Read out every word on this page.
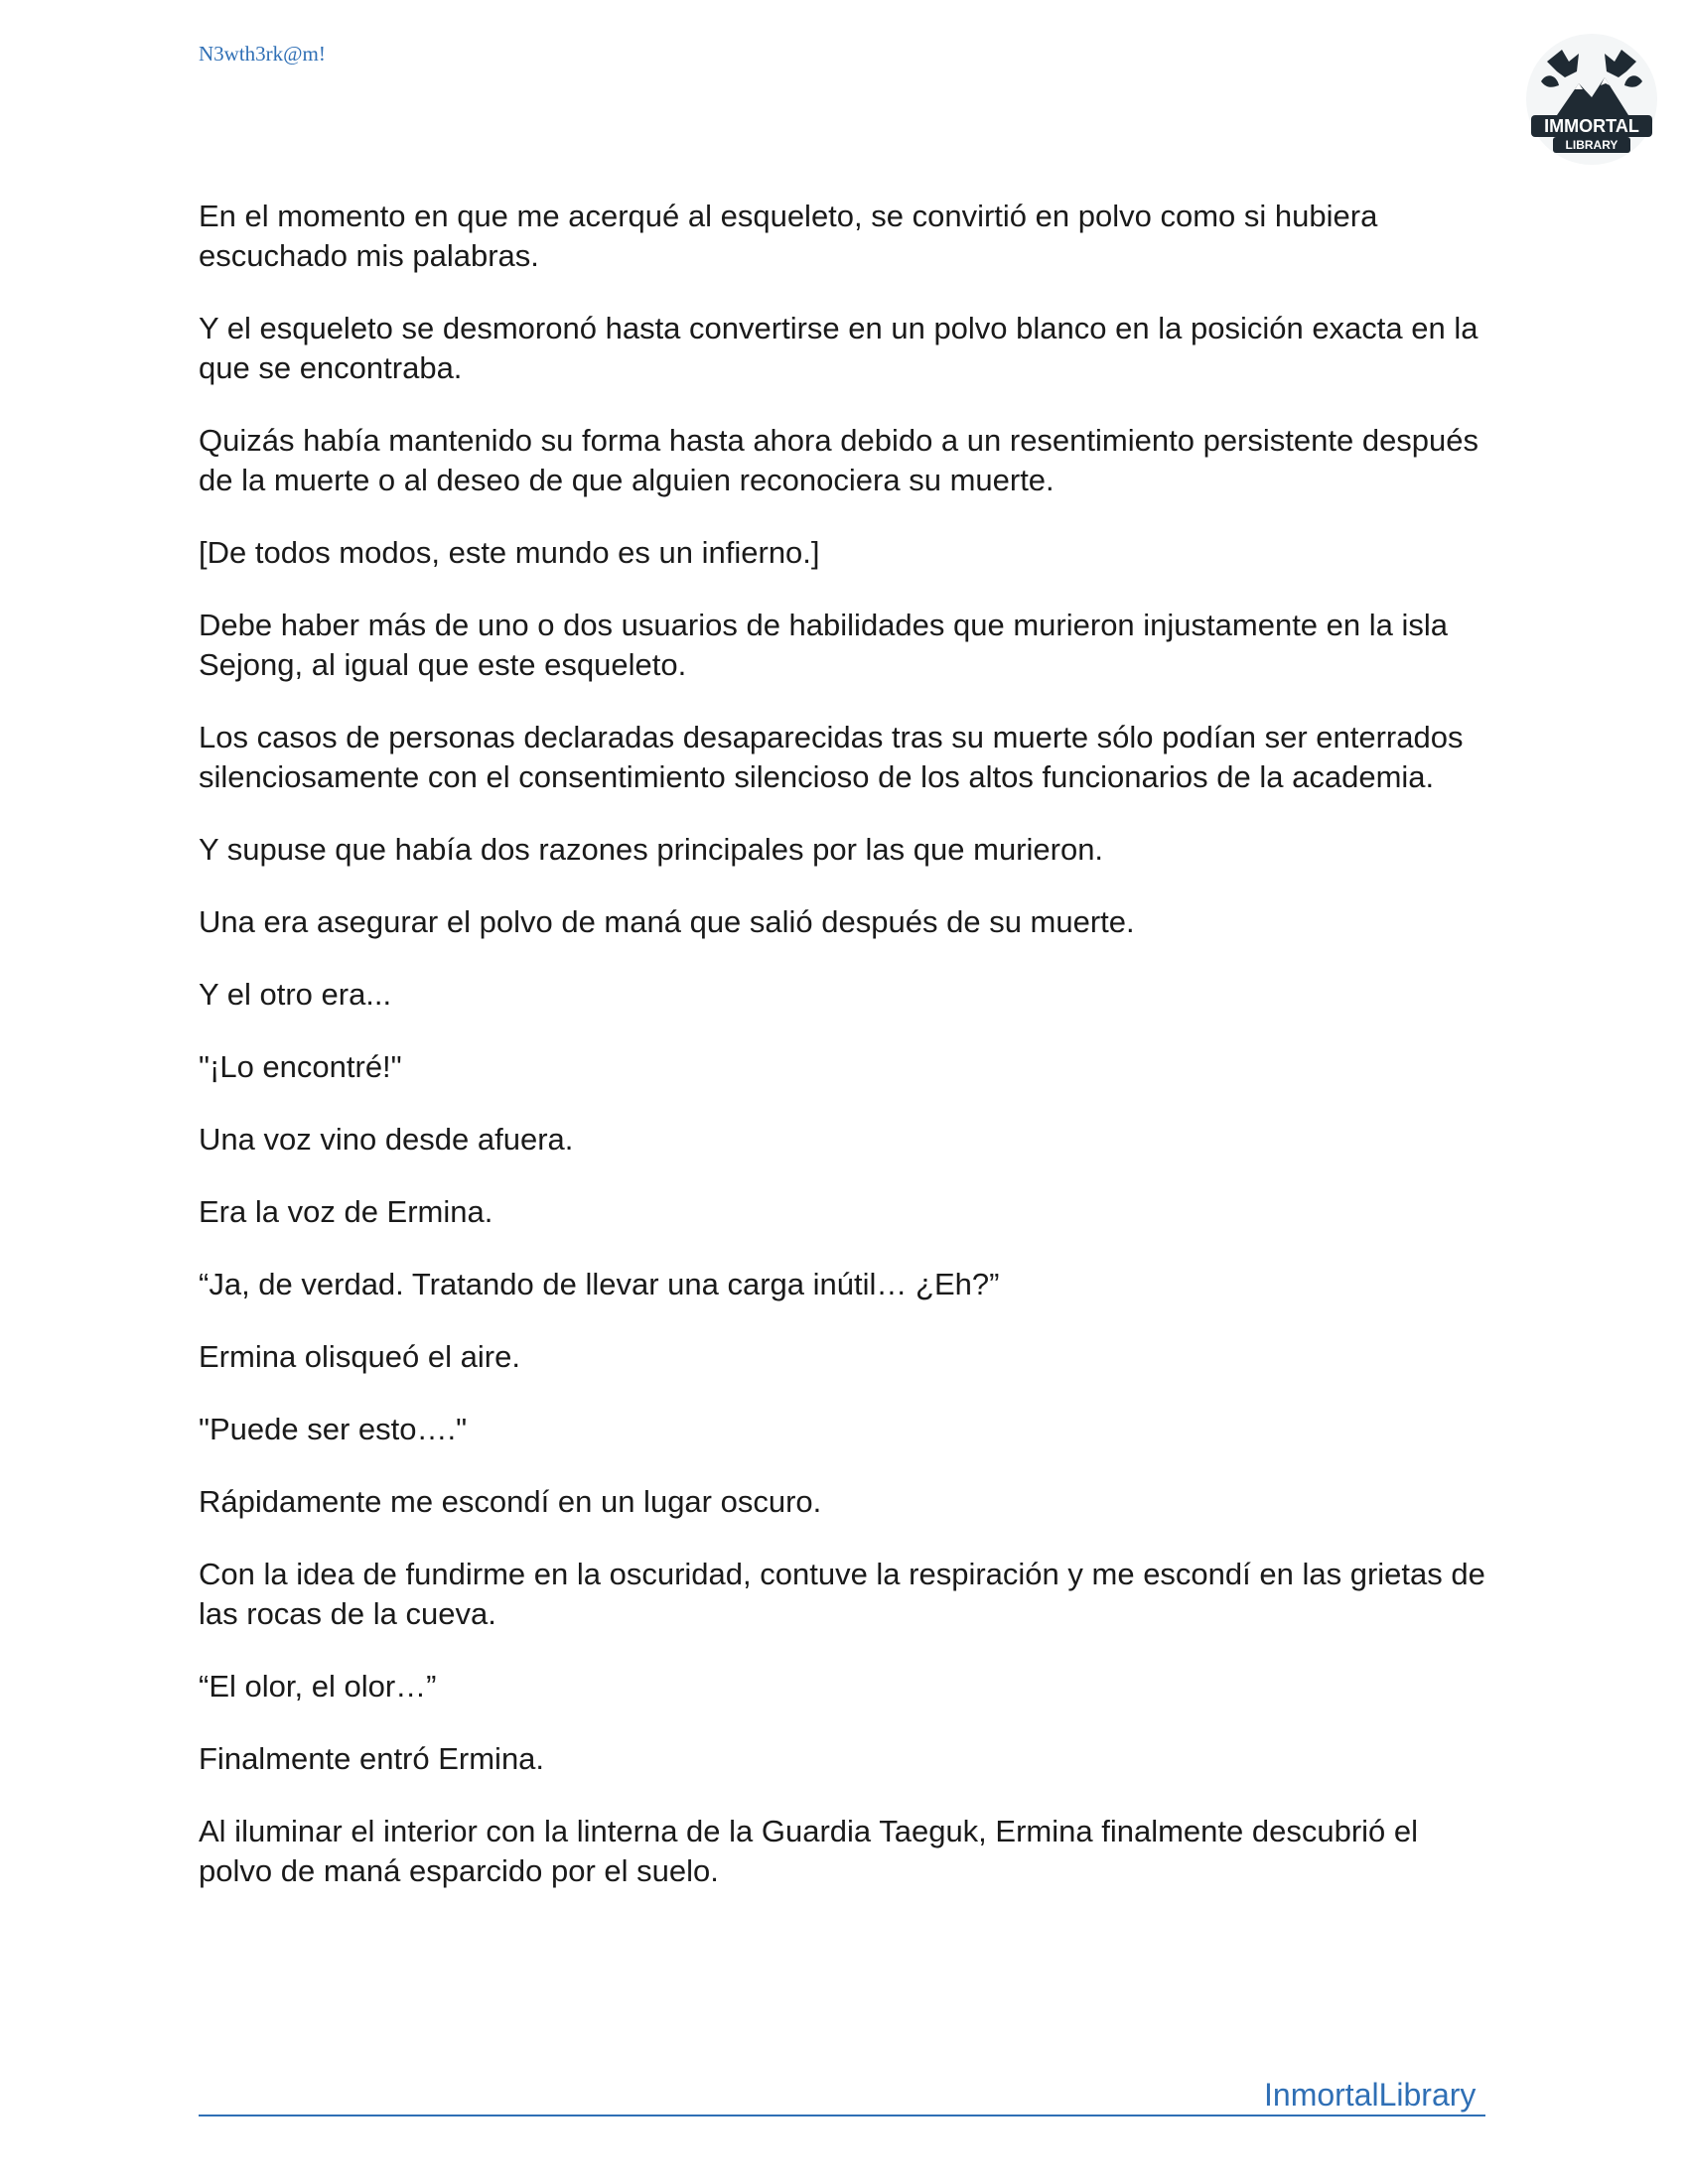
N3wth3rk@m!
IMMORTAL
LIBRARY

En el momento en que me acerqué al esqueleto, se convirtió en polvo como si hubiera escuchado mis palabras.

Y el esqueleto se desmoronó hasta convertirse en un polvo blanco en la posición exacta en la que se encontraba.

Quizás había mantenido su forma hasta ahora debido a un resentimiento persistente después de la muerte o al deseo de que alguien reconociera su muerte.

[De todos modos, este mundo es un infierno.]

Debe haber más de uno o dos usuarios de habilidades que murieron injustamente en la isla Sejong, al igual que este esqueleto.

Los casos de personas declaradas desaparecidas tras su muerte sólo podían ser enterrados silenciosamente con el consentimiento silencioso de los altos funcionarios de la academia.

Y supuse que había dos razones principales por las que murieron.

Una era asegurar el polvo de maná que salió después de su muerte.

Y el otro era...

"¡Lo encontré!"

Una voz vino desde afuera.

Era la voz de Ermina.

“Ja, de verdad. Tratando de llevar una carga inútil… ¿Eh?”

Ermina olisqueó el aire.

"Puede ser esto…."

Rápidamente me escondí en un lugar oscuro.

Con la idea de fundirme en la oscuridad, contuve la respiración y me escondí en las grietas de las rocas de la cueva.

“El olor, el olor…”

Finalmente entró Ermina.

Al iluminar el interior con la linterna de la Guardia Taeguk, Ermina finalmente descubrió el polvo de maná esparcido por el suelo.

InmortalLibrary
